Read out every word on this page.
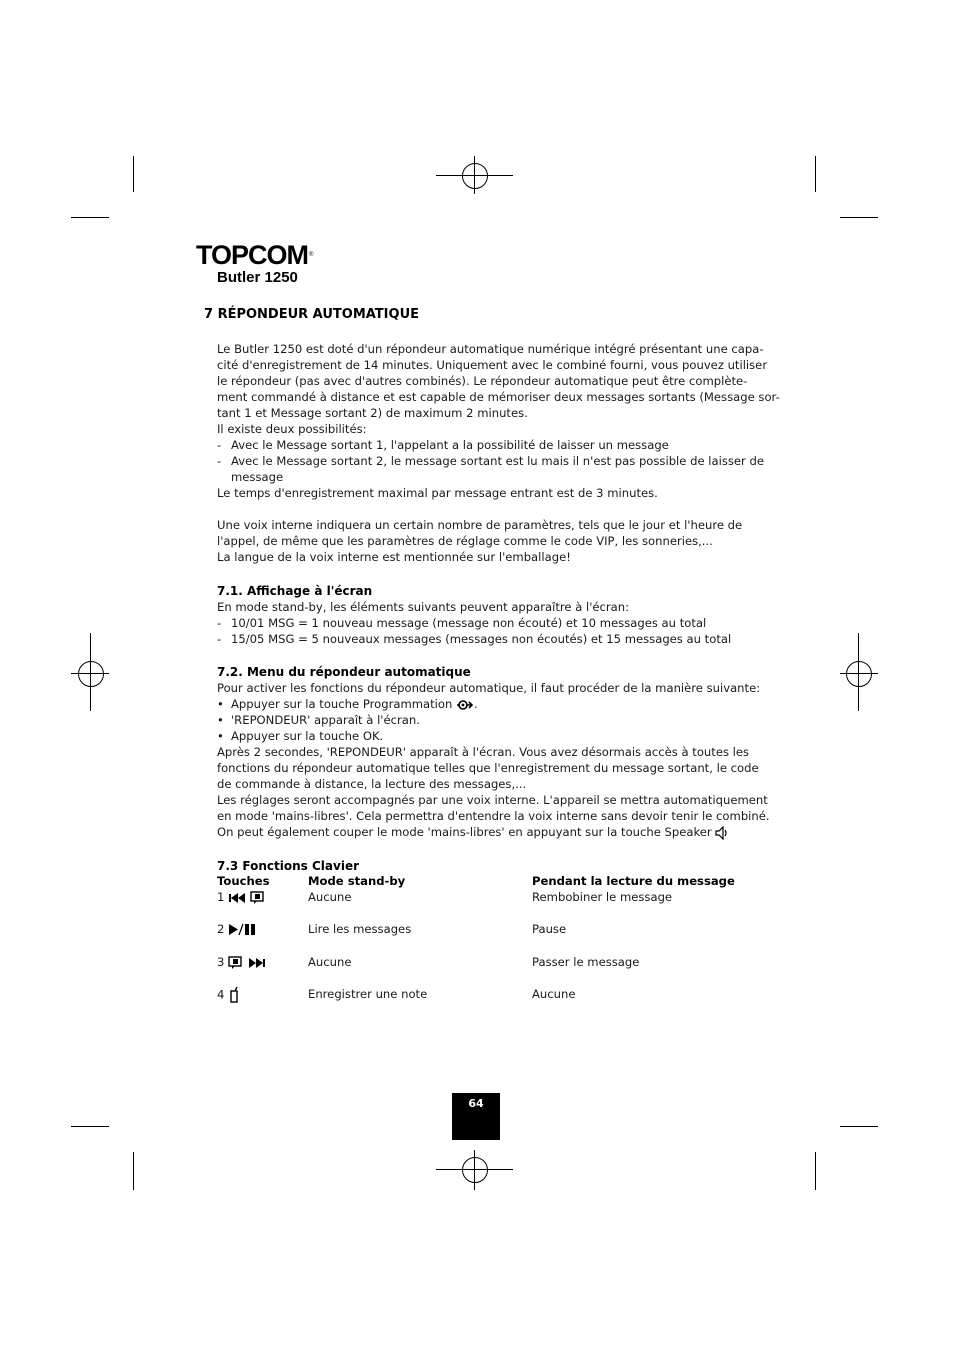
TOPCOM®
Butler 1250
7 RÉPONDEUR AUTOMATIQUE
Le Butler 1250 est doté d'un répondeur automatique numérique intégré présentant une capa-
cité d'enregistrement de 14 minutes. Uniquement avec le combiné fourni, vous pouvez utiliser
le répondeur (pas avec d'autres combinés). Le répondeur automatique peut être complète-
ment commandé à distance et est capable de mémoriser deux messages sortants (Message sor-
tant 1 et Message sortant 2) de maximum 2 minutes.
Il existe deux possibilités:
- Avec le Message sortant 1, l'appelant a la possibilité de laisser un message
- Avec le Message sortant 2, le message sortant est lu mais il n'est pas possible de laisser de
message
Le temps d'enregistrement maximal par message entrant est de 3 minutes.
Une voix interne indiquera un certain nombre de paramètres, tels que le jour et l'heure de
l'appel, de même que les paramètres de réglage comme le code VIP, les sonneries,...
La langue de la voix interne est mentionnée sur l'emballage!
7.1. Affichage à l'écran
En mode stand-by, les éléments suivants peuvent apparaître à l'écran:
- 10/01 MSG = 1 nouveau message (message non écouté) et 10 messages au total
- 15/05 MSG = 5 nouveaux messages (messages non écoutés) et 15 messages au total
7.2. Menu du répondeur automatique
Pour activer les fonctions du répondeur automatique, il faut procéder de la manière suivante:
• Appuyer sur la touche Programmation .
• 'REPONDEUR' apparaît à l'écran.
• Appuyer sur la touche OK.
Après 2 secondes, 'REPONDEUR' apparaît à l'écran. Vous avez désormais accès à toutes les
fonctions du répondeur automatique telles que l'enregistrement du message sortant, le code
de commande à distance, la lecture des messages,...
Les réglages seront accompagnés par une voix interne. L'appareil se mettra automatiquement
en mode 'mains-libres'. Cela permettra d'entendre la voix interne sans devoir tenir le combiné.
On peut également couper le mode 'mains-libres' en appuyant sur la touche Speaker
7.3 Fonctions Clavier
Touches	Mode stand-by	Pendant la lecture du message
1	Aucune	Rembobiner le message
2	Lire les messages	Pause
3	Aucune	Passer le message
4	Enregistrer une note	Aucune
64
